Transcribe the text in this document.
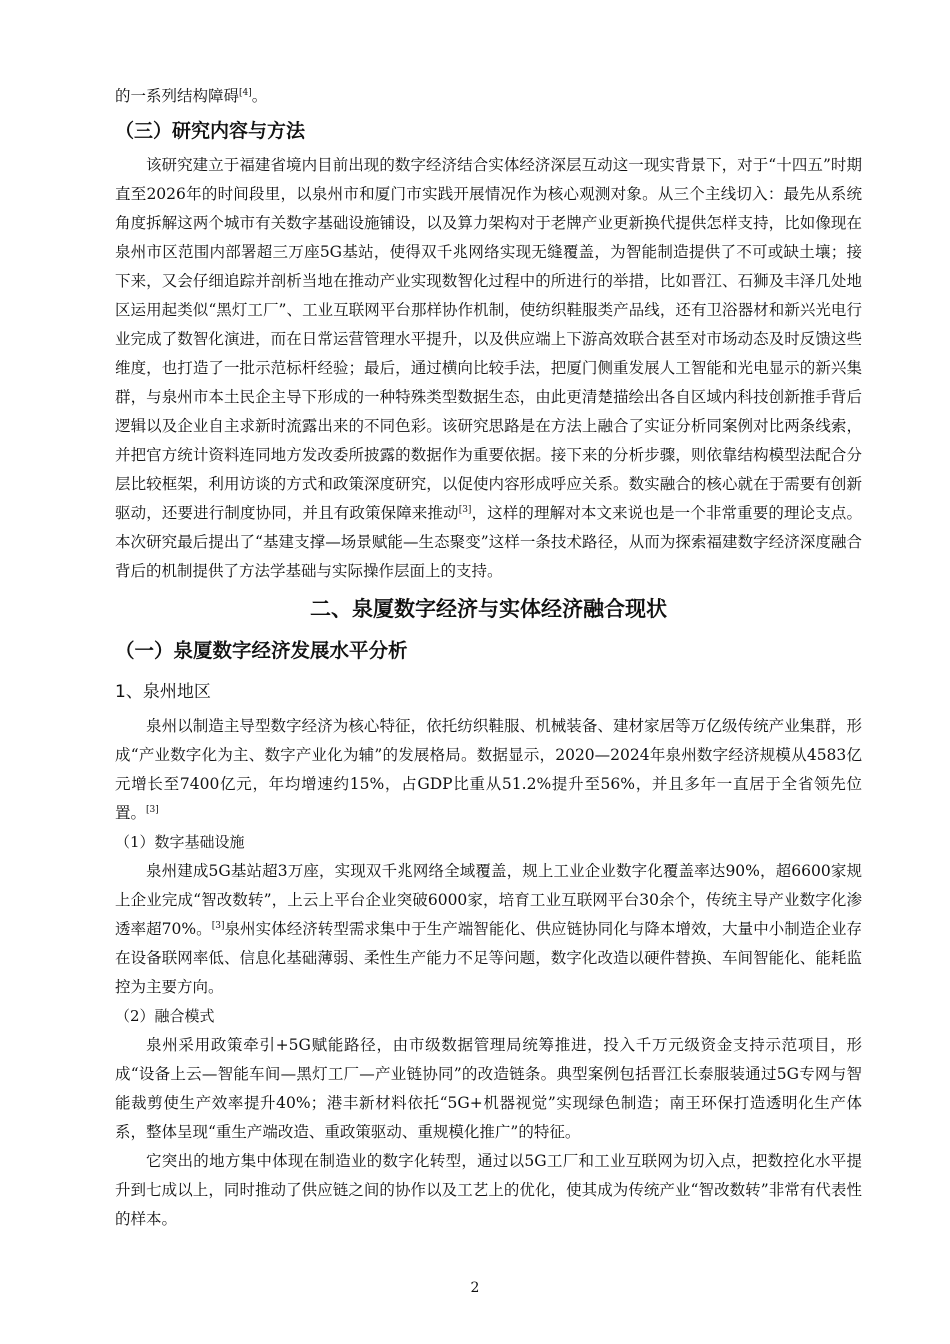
的一系列结构障碍[4]。

（三）研究内容与方法

该研究建立于福建省境内目前出现的数字经济结合实体经济深层互动这一现实背景下，对于“十四五”时期直至2026年的时间段里，以泉州市和厦门市实践开展情况作为核心观测对象。从三个主线切入：最先从系统角度拆解这两个城市有关数字基础设施铺设，以及算力架构对于老牌产业更新换代提供怎样支持，比如像现在泉州市区范围内部署超三万座5G基站，使得双千兆网络实现无缝覆盖，为智能制造提供了不可或缺土壤；接下来，又会仔细追踪并剖析当地在推动产业实现数智化过程中的所进行的举措，比如晋江、石狮及丰泽几处地区运用起类似“黑灯工厂”、工业互联网平台那样协作机制，使纺织鞋服类产品线，还有卫浴器材和新兴光电行业完成了数智化演进，而在日常运营管理水平提升，以及供应端上下游高效联合甚至对市场动态及时反馈这些维度，也打造了一批示范标杆经验；最后，通过横向比较手法，把厦门侧重发展人工智能和光电显示的新兴集群，与泉州市本土民企主导下形成的一种特殊类型数据生态，由此更清楚描绘出各自区域内科技创新推手背后逻辑以及企业自主求新时流露出来的不同色彩。该研究思路是在方法上融合了实证分析同案例对比两条线索，并把官方统计资料连同地方发改委所披露的数据作为重要依据。接下来的分析步骤，则依靠结构模型法配合分层比较框架，利用访谈的方式和政策深度研究，以促使内容形成呼应关系。数实融合的核心就在于需要有创新驱动，还要进行制度协同，并且有政策保障来推动[3]，这样的理解对本文来说也是一个非常重要的理论支点。本次研究最后提出了“基建支撑—场景赋能—生态聚变”这样一条技术路径，从而为探索福建数字经济深度融合背后的机制提供了方法学基础与实际操作层面上的支持。

二、泉厦数字经济与实体经济融合现状
（一）泉厦数字经济发展水平分析
1、泉州地区

泉州以制造主导型数字经济为核心特征，依托纺织鞋服、机械装备、建材家居等万亿级传统产业集群，形成“产业数字化为主、数字产业化为辅”的发展格局。数据显示，2020—2024年泉州数字经济规模从4583亿元增长至7400亿元，年均增速约15%，占GDP比重从51.2%提升至56%，并且多年一直居于全省领先位置。[3]

（1）数字基础设施

泉州建成5G基站超3万座，实现双千兆网络全域覆盖，规上工业企业数字化覆盖率达90%，超6600家规上企业完成“智改数转”，上云上平台企业突破6000家，培育工业互联网平台30余个，传统主导产业数字化渗透率超70%。[3]泉州实体经济转型需求集中于生产端智能化、供应链协同化与降本增效，大量中小制造企业存在设备联网率低、信息化基础薄弱、柔性生产能力不足等问题，数字化改造以硬件替换、车间智能化、能耗监控为主要方向。

（2）融合模式

泉州采用政策牵引+5G赋能路径，由市级数据管理局统筹推进，投入千万元级资金支持示范项目，形成“设备上云—智能车间—黑灯工厂—产业链协同”的改造链条。典型案例包括晋江长泰服装通过5G专网与智能裁剪使生产效率提升40%；港丰新材料依托“5G+机器视觉”实现绿色制造；南王环保打造透明化生产体系，整体呈现“重生产端改造、重政策驱动、重规模化推广”的特征。

它突出的地方集中体现在制造业的数字化转型，通过以5G工厂和工业互联网为切入点，把数控化水平提升到七成以上，同时推动了供应链之间的协作以及工艺上的优化，使其成为传统产业“智改数转”非常有代表性的样本。

2
